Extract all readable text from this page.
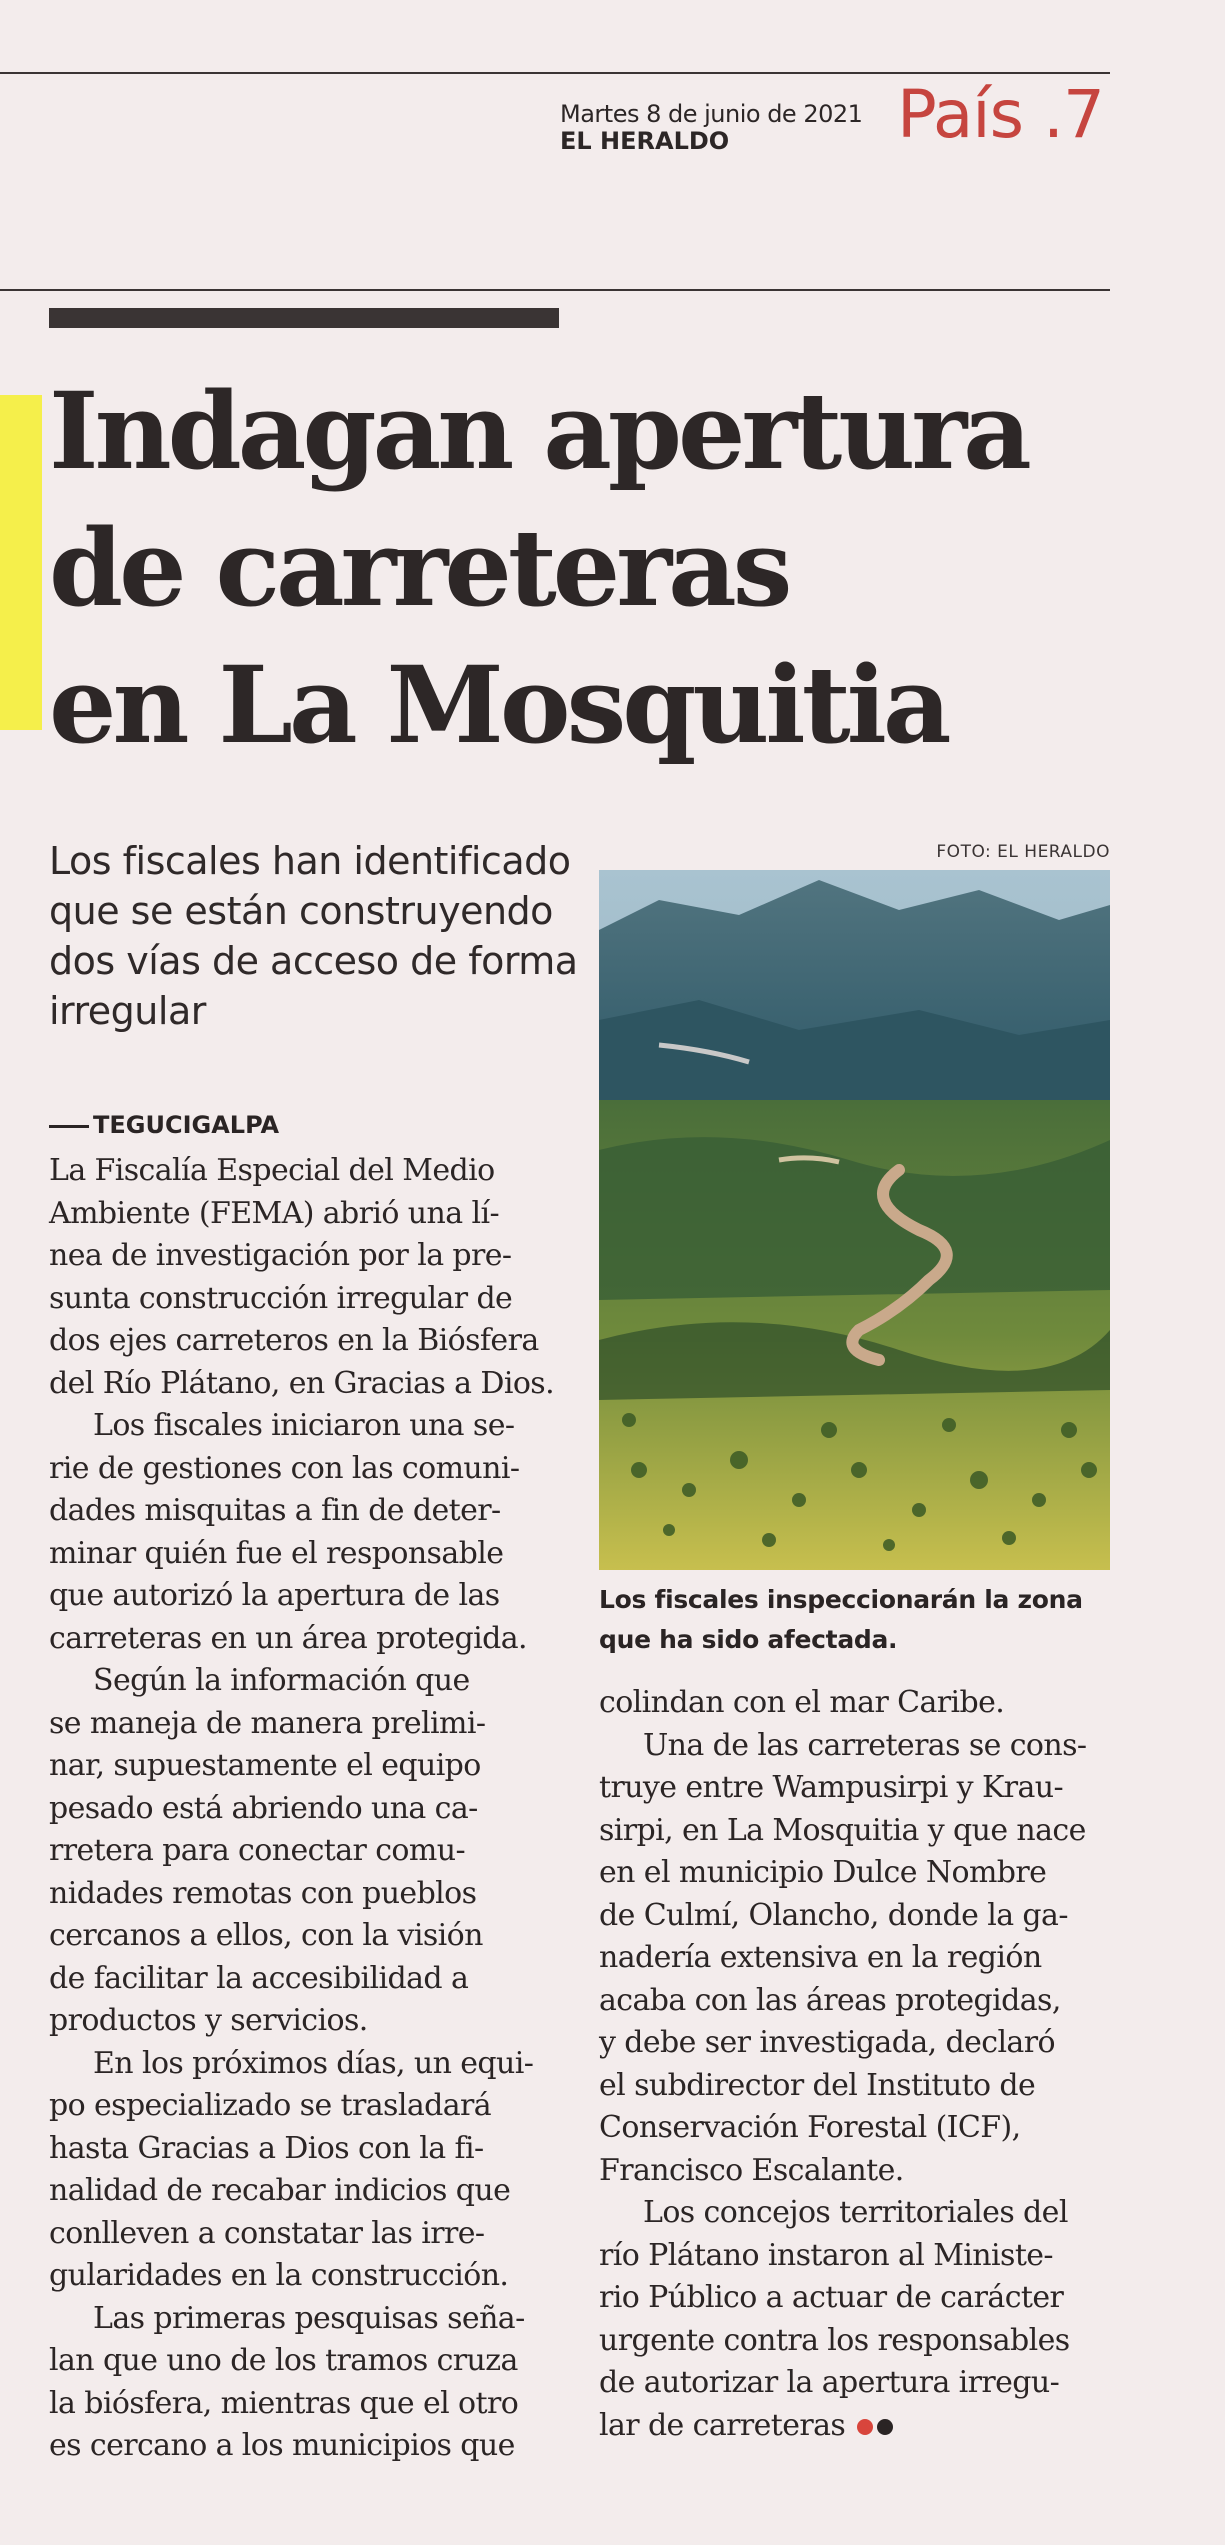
Martes 8 de junio de 2021
EL HERALDO	País .7
Indagan apertura
de carreteras
en La Mosquitia
Los fiscales han identificado que se están construyendo dos vías de acceso de forma irregular
FOTO: EL HERALDO
Los fiscales inspeccionarán la zona que ha sido afectada.
TEGUCIGALPA
La Fiscalía Especial del Medio
Ambiente (FEMA) abrió una lí-
nea de investigación por la pre-
sunta construcción irregular de
dos ejes carreteros en la Biósfera
del Río Plátano, en Gracias a Dios.
Los fiscales iniciaron una se-
rie de gestiones con las comuni-
dades misquitas a fin de deter-
minar quién fue el responsable
que autorizó la apertura de las
carreteras en un área protegida.
Según la información que
se maneja de manera prelimi-
nar, supuestamente el equipo
pesado está abriendo una ca-
rretera para conectar comu-
nidades remotas con pueblos
cercanos a ellos, con la visión
de facilitar la accesibilidad a
productos y servicios.
En los próximos días, un equi-
po especializado se trasladará
hasta Gracias a Dios con la fi-
nalidad de recabar indicios que
conlleven a constatar las irre-
gularidades en la construcción.
Las primeras pesquisas seña-
lan que uno de los tramos cruza
la biósfera, mientras que el otro
es cercano a los municipios que
colindan con el mar Caribe.
Una de las carreteras se cons-
truye entre Wampusirpi y Krau-
sirpi, en La Mosquitia y que nace
en el municipio Dulce Nombre
de Culmí, Olancho, donde la ga-
nadería extensiva en la región
acaba con las áreas protegidas,
y debe ser investigada, declaró
el subdirector del Instituto de
Conservación Forestal (ICF),
Francisco Escalante.
Los concejos territoriales del
río Plátano instaron al Ministe-
rio Público a actuar de carácter
urgente contra los responsables
de autorizar la apertura irregu-
lar de carreteras
